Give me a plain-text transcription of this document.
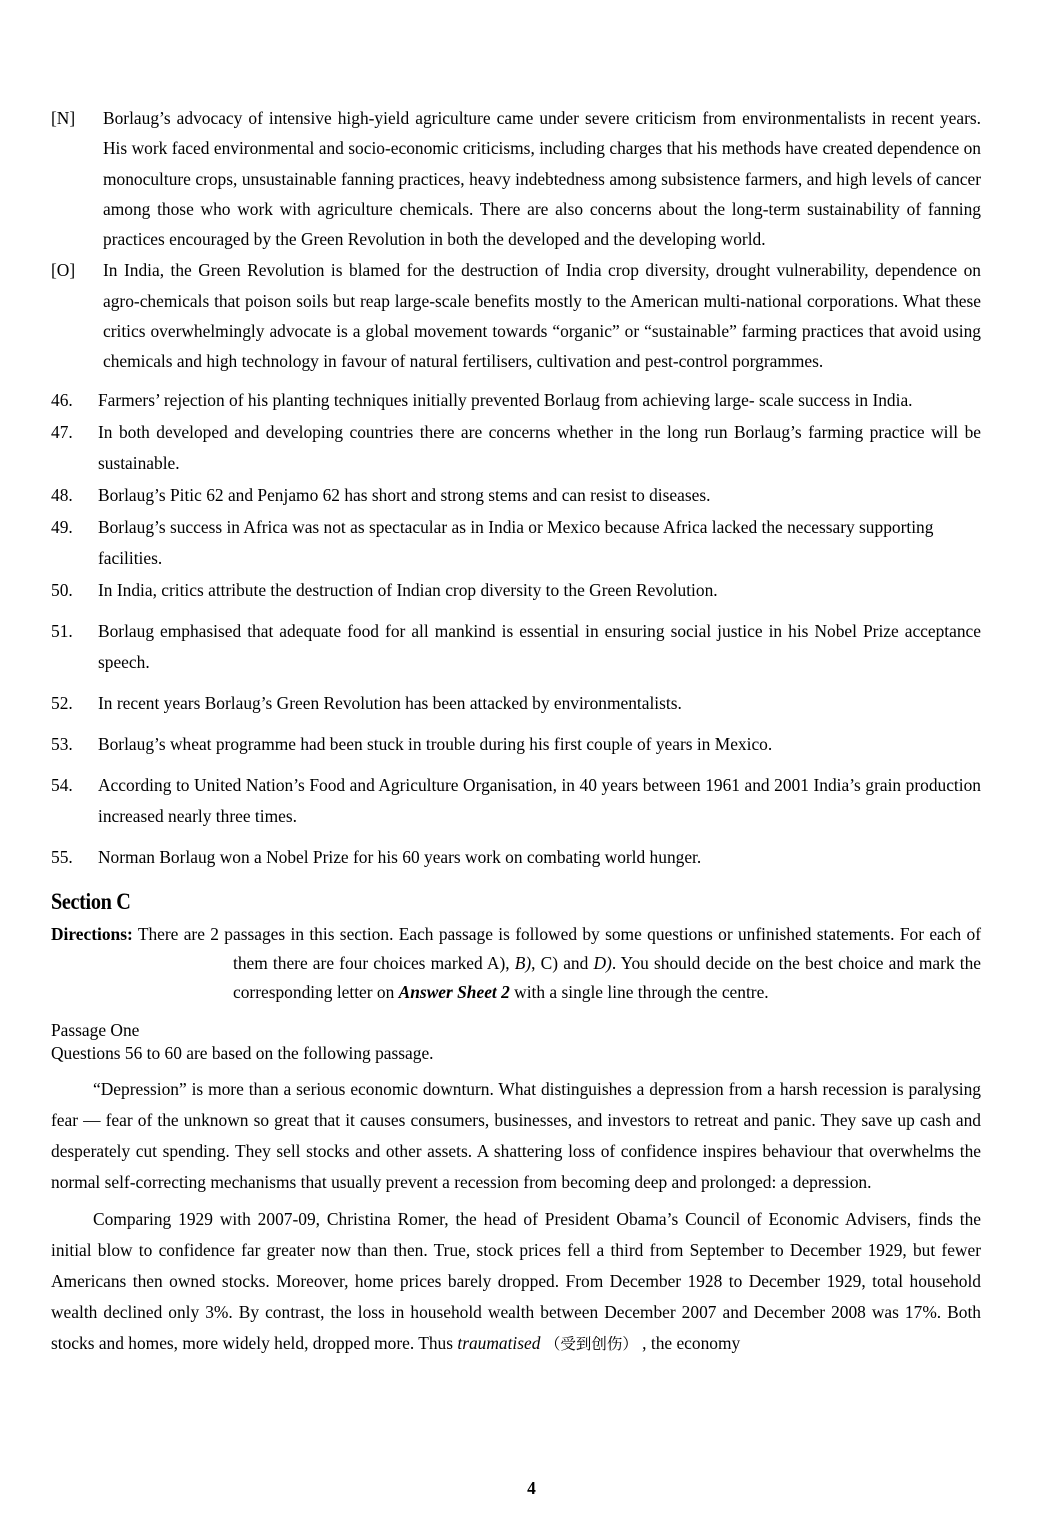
[N] Borlaug’s advocacy of intensive high-yield agriculture came under severe criticism from environmentalists in recent years. His work faced environmental and socio-economic criticisms, including charges that his methods have created dependence on monoculture crops, unsustainable fanning practices, heavy indebtedness among subsistence farmers, and high levels of cancer among those who work with agriculture chemicals. There are also concerns about the long-term sustainability of fanning practices encouraged by the Green Revolution in both the developed and the developing world.

[O] In India, the Green Revolution is blamed for the destruction of India crop diversity, drought vulnerability, dependence on agro-chemicals that poison soils but reap large-scale benefits mostly to the American multi-national corporations. What these critics overwhelmingly advocate is a global movement towards “organic” or “sustainable” farming practices that avoid using chemicals and high technology in favour of natural fertilisers, cultivation and pest-control porgrammes.

46. Farmers’ rejection of his planting techniques initially prevented Borlaug from achieving large- scale success in India.

47. In both developed and developing countries there are concerns whether in the long run Borlaug’s farming practice will be sustainable.

48. Borlaug’s Pitic 62 and Penjamo 62 has short and strong stems and can resist to diseases.

49. Borlaug’s success in Africa was not as spectacular as in India or Mexico because Africa lacked the necessary supporting facilities.

50. In India, critics attribute the destruction of Indian crop diversity to the Green Revolution.

51. Borlaug emphasised that adequate food for all mankind is essential in ensuring social justice in his Nobel Prize acceptance speech.

52. In recent years Borlaug’s Green Revolution has been attacked by environmentalists.

53. Borlaug’s wheat programme had been stuck in trouble during his first couple of years in Mexico.

54. According to United Nation’s Food and Agriculture Organisation, in 40 years between 1961 and 2001 India’s grain production increased nearly three times.

55. Norman Borlaug won a Nobel Prize for his 60 years work on combating world hunger.

Section C

Directions: There are 2 passages in this section. Each passage is followed by some questions or unfinished statements. For each of them there are four choices marked A), B), C) and D). You should decide on the best choice and mark the corresponding letter on Answer Sheet 2 with a single line through the centre.

Passage One
Questions 56 to 60 are based on the following passage.

“Depression” is more than a serious economic downturn. What distinguishes a depression from a harsh recession is paralysing fear — fear of the unknown so great that it causes consumers, businesses, and investors to retreat and panic. They save up cash and desperately cut spending. They sell stocks and other assets. A shattering loss of confidence inspires behaviour that overwhelms the normal self-correcting mechanisms that usually prevent a recession from becoming deep and prolonged: a depression.

Comparing 1929 with 2007-09, Christina Romer, the head of President Obama’s Council of Economic Advisers, finds the initial blow to confidence far greater now than then. True, stock prices fell a third from September to December 1929, but fewer Americans then owned stocks. Moreover, home prices barely dropped. From December 1928 to December 1929, total household wealth declined only 3%. By contrast, the loss in household wealth between December 2007 and December 2008 was 17%. Both stocks and homes, more widely held, dropped more. Thus traumatised （受到创伤） , the economy

4
